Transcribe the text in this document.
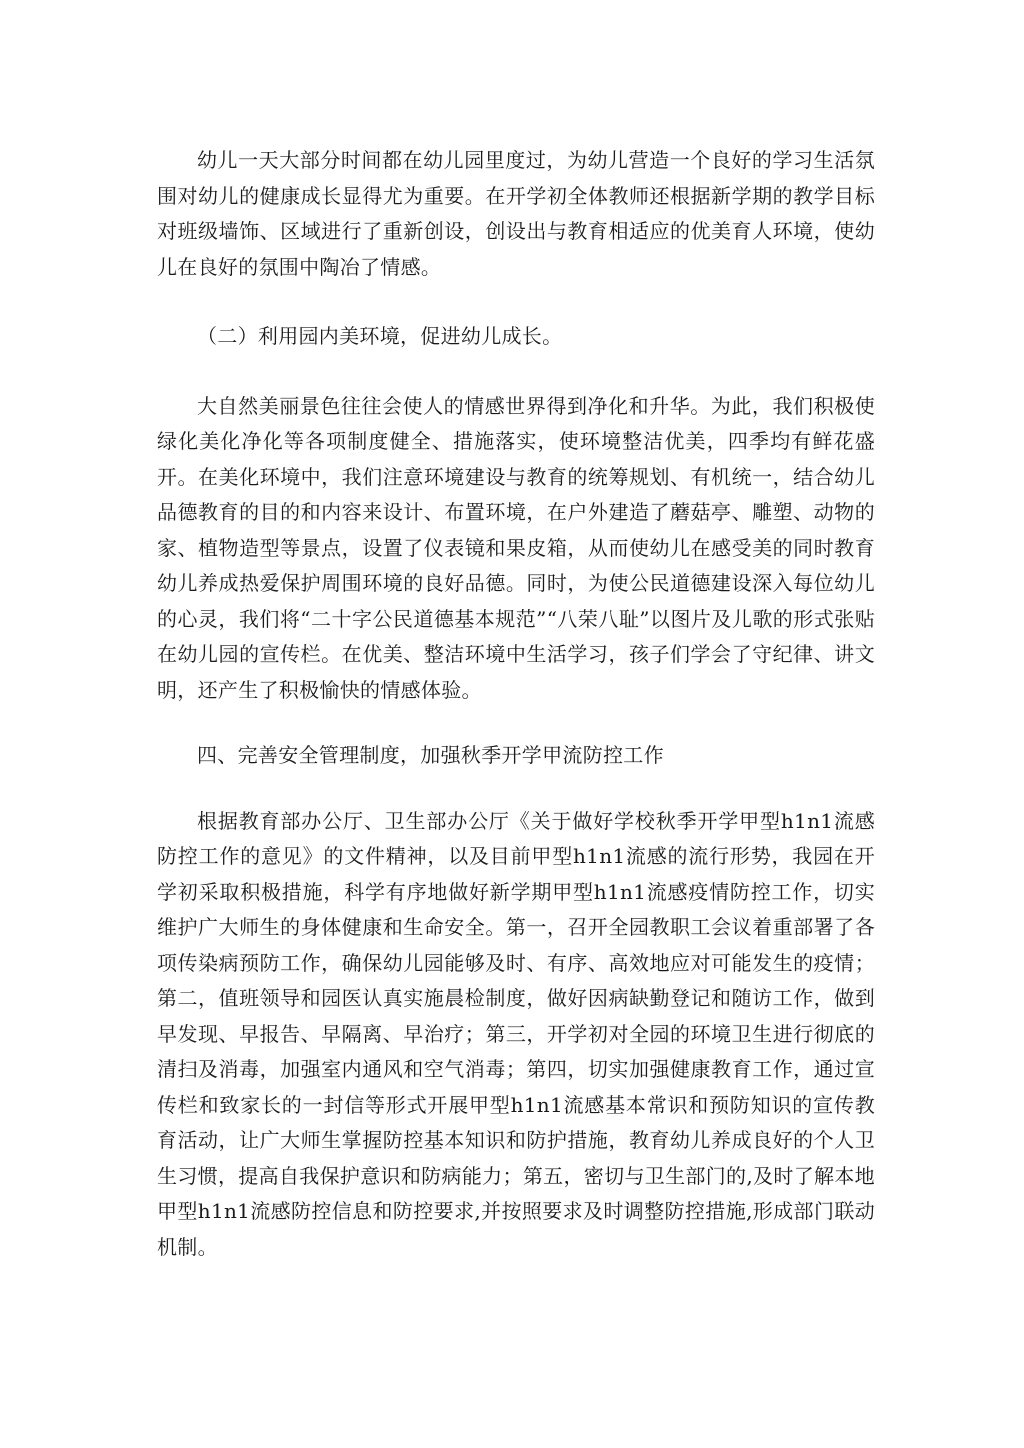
幼儿一天大部分时间都在幼儿园里度过，为幼儿营造一个良好的学习生活氛围对幼儿的健康成长显得尤为重要。在开学初全体教师还根据新学期的教学目标对班级墙饰、区域进行了重新创设，创设出与教育相适应的优美育人环境，使幼儿在良好的氛围中陶冶了情感。

（二）利用园内美环境，促进幼儿成长。

大自然美丽景色往往会使人的情感世界得到净化和升华。为此，我们积极使绿化美化净化等各项制度健全、措施落实，使环境整洁优美，四季均有鲜花盛开。在美化环境中，我们注意环境建设与教育的统筹规划、有机统一，结合幼儿品德教育的目的和内容来设计、布置环境，在户外建造了蘑菇亭、雕塑、动物的家、植物造型等景点，设置了仪表镜和果皮箱，从而使幼儿在感受美的同时教育幼儿养成热爱保护周围环境的良好品德。同时，为使公民道德建设深入每位幼儿的心灵，我们将“二十字公民道德基本规范”“八荣八耻”以图片及儿歌的形式张贴在幼儿园的宣传栏。在优美、整洁环境中生活学习，孩子们学会了守纪律、讲文明，还产生了积极愉快的情感体验。

四、完善安全管理制度，加强秋季开学甲流防控工作

根据教育部办公厅、卫生部办公厅《关于做好学校秋季开学甲型h1n1流感防控工作的意见》的文件精神，以及目前甲型h1n1流感的流行形势，我园在开学初采取积极措施，科学有序地做好新学期甲型h1n1流感疫情防控工作，切实维护广大师生的身体健康和生命安全。第一，召开全园教职工会议着重部署了各项传染病预防工作，确保幼儿园能够及时、有序、高效地应对可能发生的疫情；第二，值班领导和园医认真实施晨检制度，做好因病缺勤登记和随访工作，做到早发现、早报告、早隔离、早治疗；第三，开学初对全园的环境卫生进行彻底的清扫及消毒，加强室内通风和空气消毒；第四，切实加强健康教育工作，通过宣传栏和致家长的一封信等形式开展甲型h1n1流感基本常识和预防知识的宣传教育活动，让广大师生掌握防控基本知识和防护措施，教育幼儿养成良好的个人卫生习惯，提高自我保护意识和防病能力；第五，密切与卫生部门的,及时了解本地甲型h1n1流感防控信息和防控要求,并按照要求及时调整防控措施,形成部门联动机制。
